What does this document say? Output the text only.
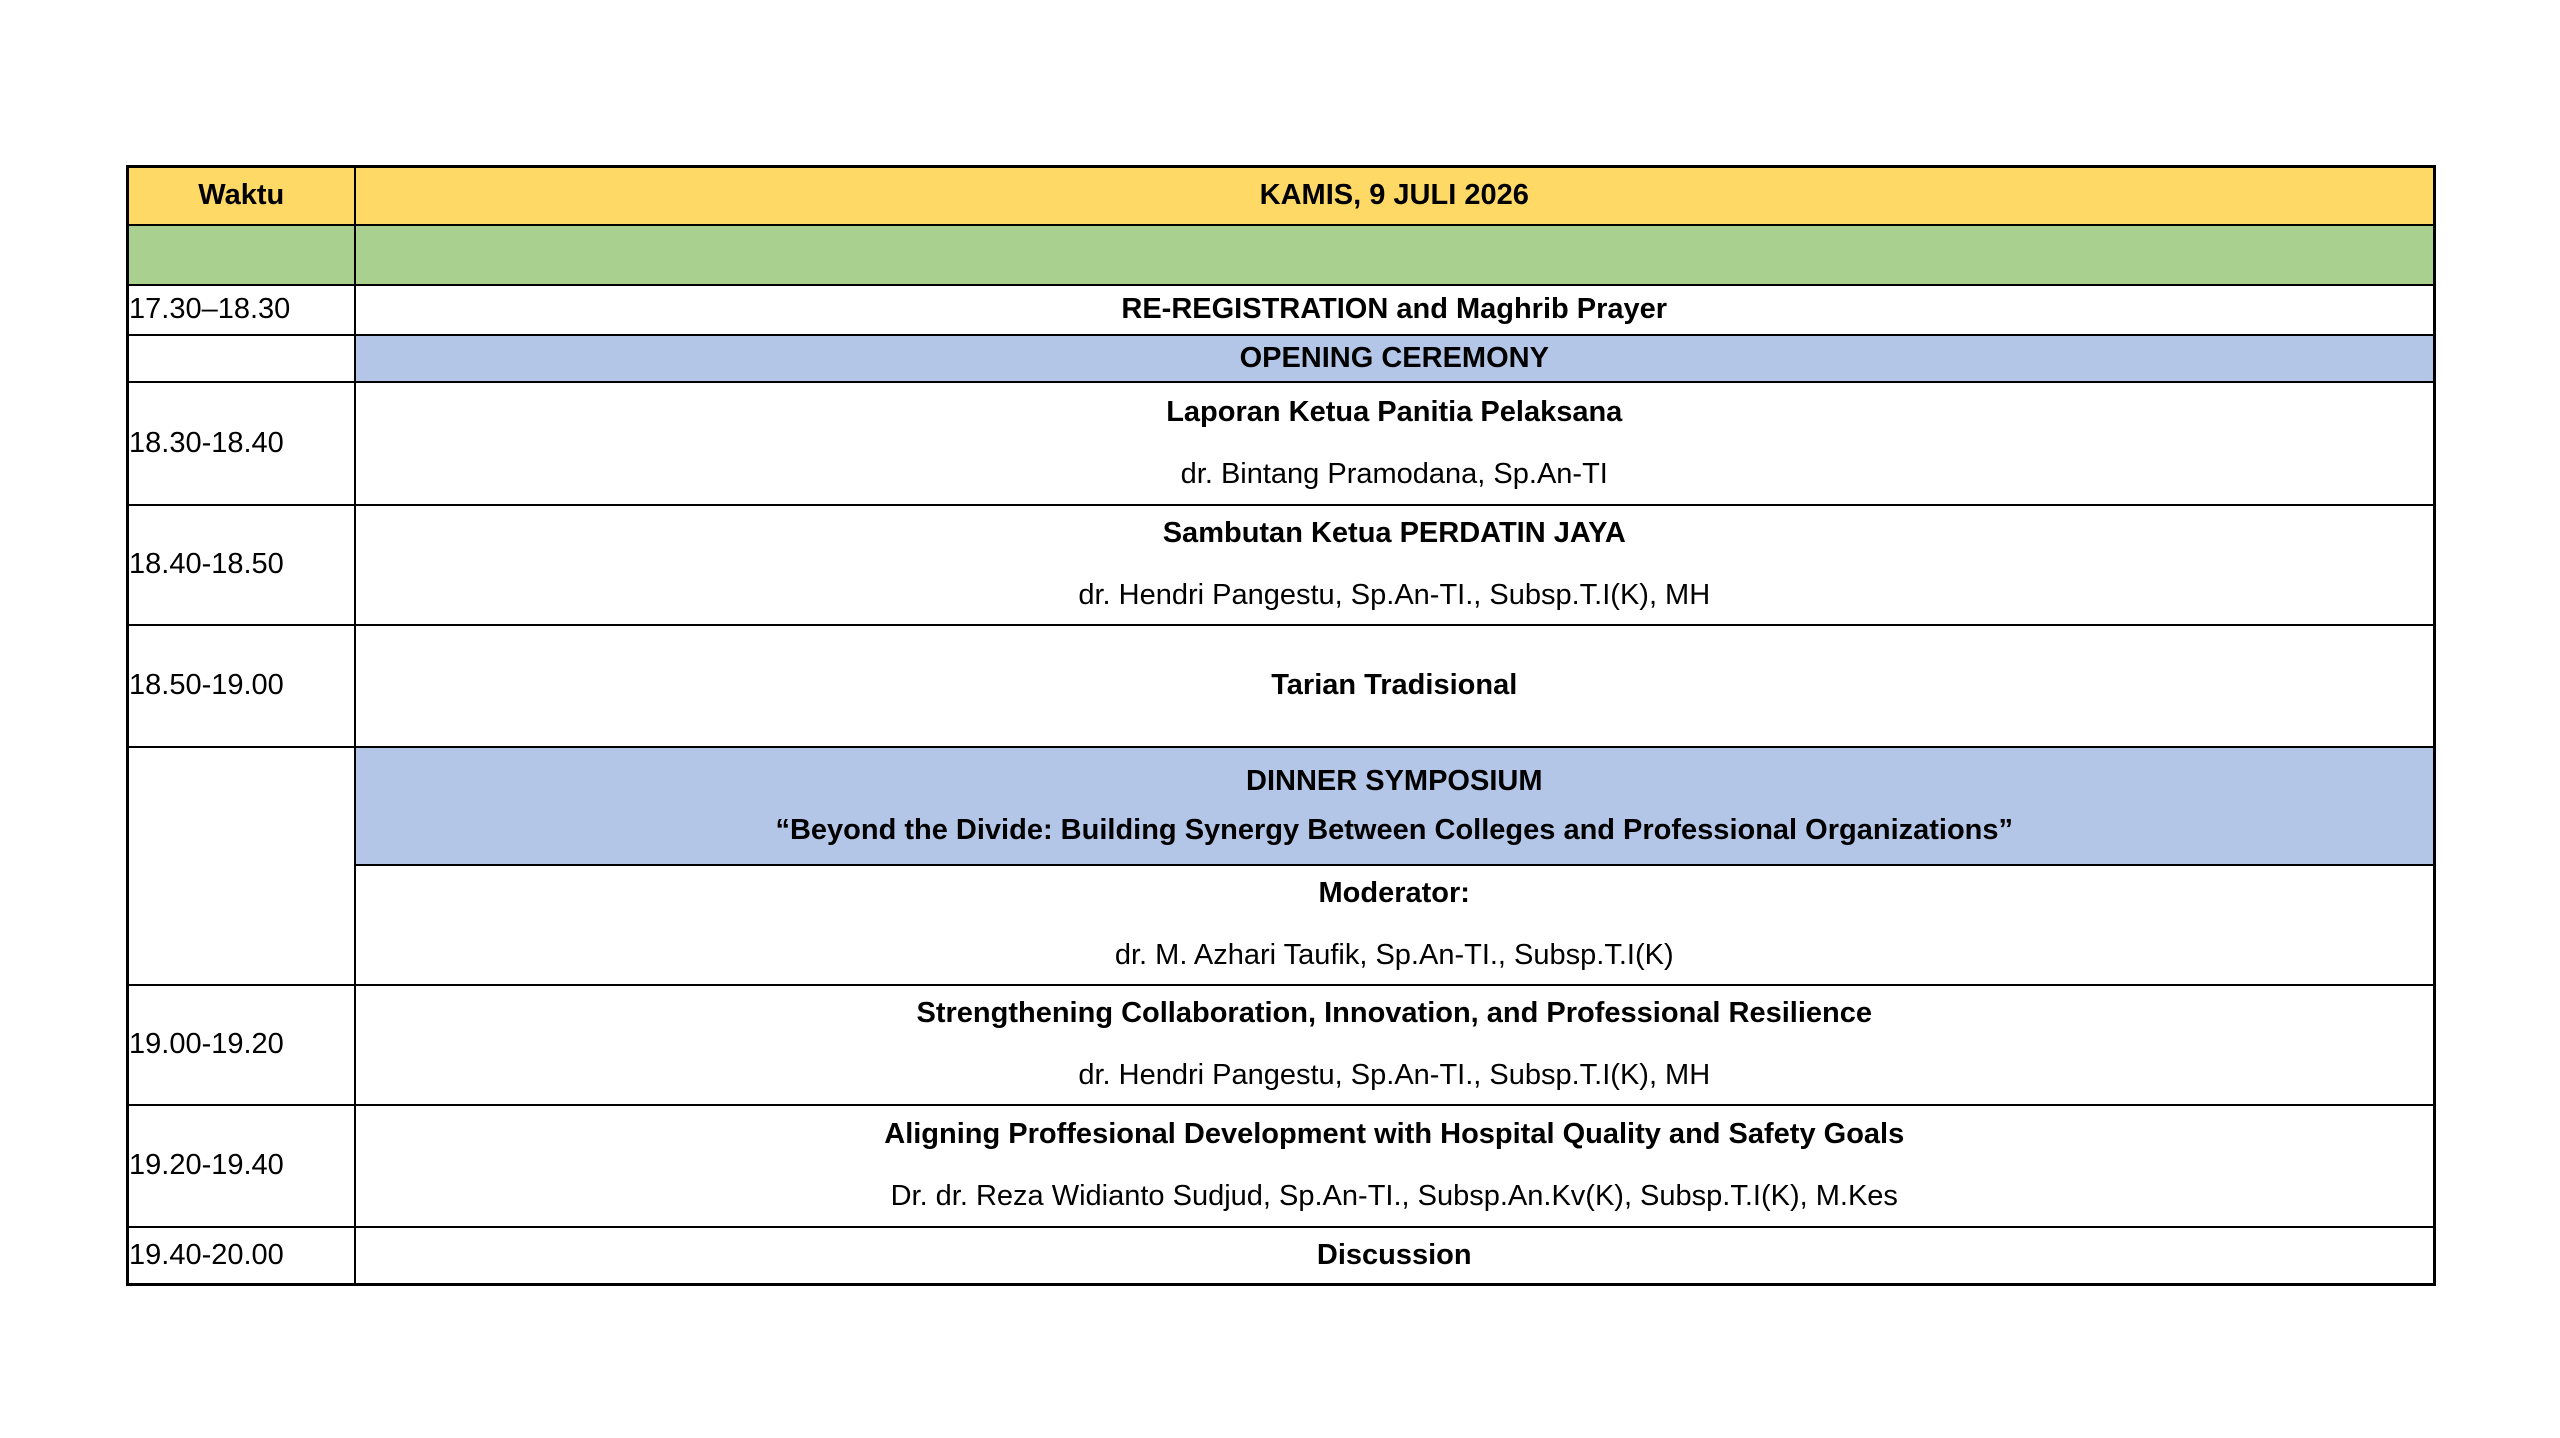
Waktu	KAMIS, 9 JULI 2026

17.30–18.30	RE-REGISTRATION and Maghrib Prayer

	OPENING CEREMONY
18.30-18.40	Laporan Ketua Panitia Pelaksana
dr. Bintang Pramodana, Sp.An-TI

18.40-18.50	Sambutan Ketua PERDATIN JAYA
dr. Hendri Pangestu, Sp.An-TI., Subsp.T.I(K), MH

18.50-19.00	Tarian Tradisional

	DINNER SYMPOSIUM
“Beyond the Divide: Building Synergy Between Colleges and Professional Organizations”

	Moderator:
dr. M. Azhari Taufik, Sp.An-TI., Subsp.T.I(K)

19.00-19.20	Strengthening Collaboration, Innovation, and Professional Resilience
dr. Hendri Pangestu, Sp.An-TI., Subsp.T.I(K), MH

19.20-19.40	Aligning Proffesional Development with Hospital Quality and Safety Goals
Dr. dr. Reza Widianto Sudjud, Sp.An-TI., Subsp.An.Kv(K), Subsp.T.I(K), M.Kes

19.40-20.00	Discussion
